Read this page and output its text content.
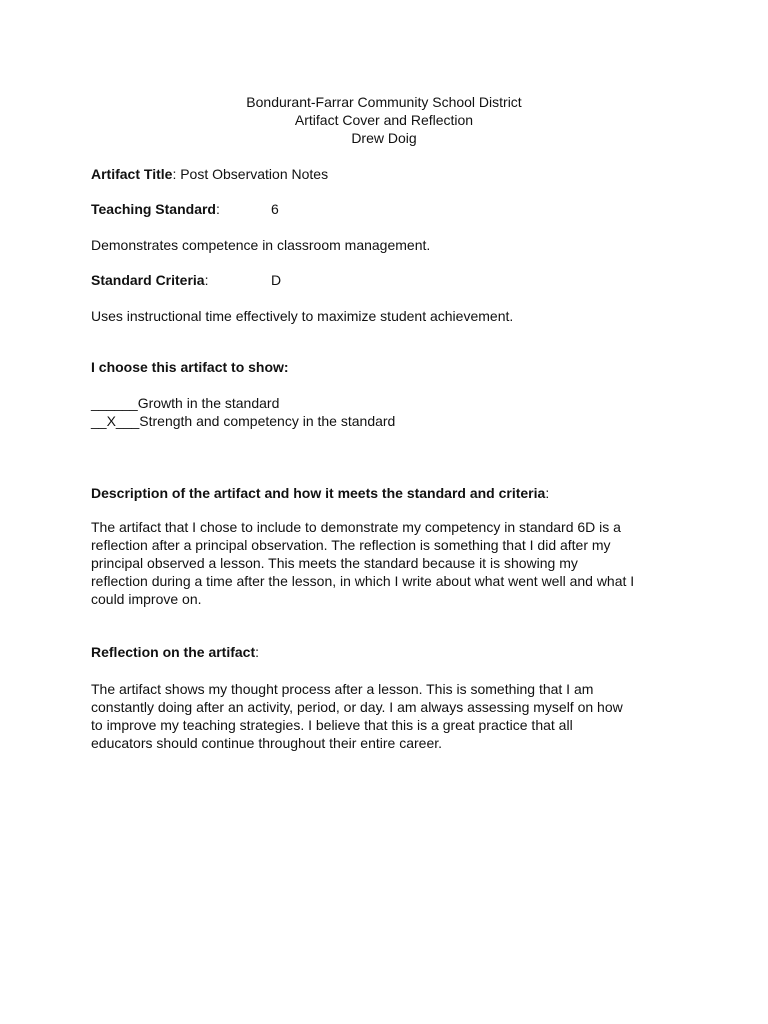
Bondurant-Farrar Community School District
Artifact Cover and Reflection
Drew Doig
Artifact Title: Post Observation Notes
Teaching Standard:	6
Demonstrates competence in classroom management.
Standard Criteria:	D
Uses instructional time effectively to maximize student achievement.
I choose this artifact to show:
______Growth in the standard
__X___Strength and competency in the standard
Description of the artifact and how it meets the standard and criteria:
The artifact that I chose to include to demonstrate my competency in standard 6D is a
reflection after a principal observation. The reflection is something that I did after my
principal observed a lesson. This meets the standard because it is showing my
reflection during a time after the lesson, in which I write about what went well and what I
could improve on.
Reflection on the artifact:
The artifact shows my thought process after a lesson. This is something that I am
constantly doing after an activity, period, or day. I am always assessing myself on how
to improve my teaching strategies. I believe that this is a great practice that all
educators should continue throughout their entire career.
